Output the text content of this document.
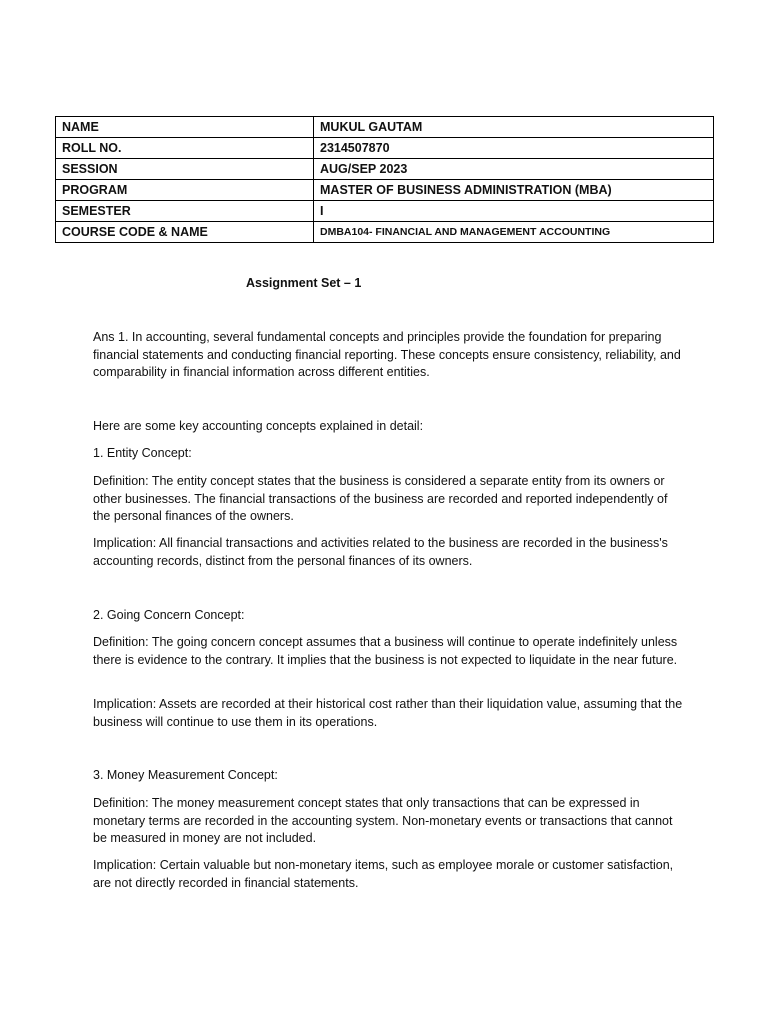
NAME	MUKUL GAUTAM
ROLL NO.	2314507870
SESSION	AUG/SEP 2023
PROGRAM	MASTER OF BUSINESS ADMINISTRATION (MBA)
SEMESTER	I
COURSE CODE & NAME	DMBA104- FINANCIAL AND MANAGEMENT ACCOUNTING
Assignment Set – 1

Ans 1. In accounting, several fundamental concepts and principles provide the foundation for preparing financial statements and conducting financial reporting. These concepts ensure consistency, reliability, and comparability in financial information across different entities.

Here are some key accounting concepts explained in detail:

1. Entity Concept:

Definition: The entity concept states that the business is considered a separate entity from its owners or other businesses. The financial transactions of the business are recorded and reported independently of the personal finances of the owners.

Implication: All financial transactions and activities related to the business are recorded in the business's accounting records, distinct from the personal finances of its owners.

2. Going Concern Concept:

Definition: The going concern concept assumes that a business will continue to operate indefinitely unless there is evidence to the contrary. It implies that the business is not expected to liquidate in the near future.

Implication: Assets are recorded at their historical cost rather than their liquidation value, assuming that the business will continue to use them in its operations.

3. Money Measurement Concept:

Definition: The money measurement concept states that only transactions that can be expressed in monetary terms are recorded in the accounting system. Non-monetary events or transactions that cannot be measured in money are not included.

Implication: Certain valuable but non-monetary items, such as employee morale or customer satisfaction, are not directly recorded in financial statements.
